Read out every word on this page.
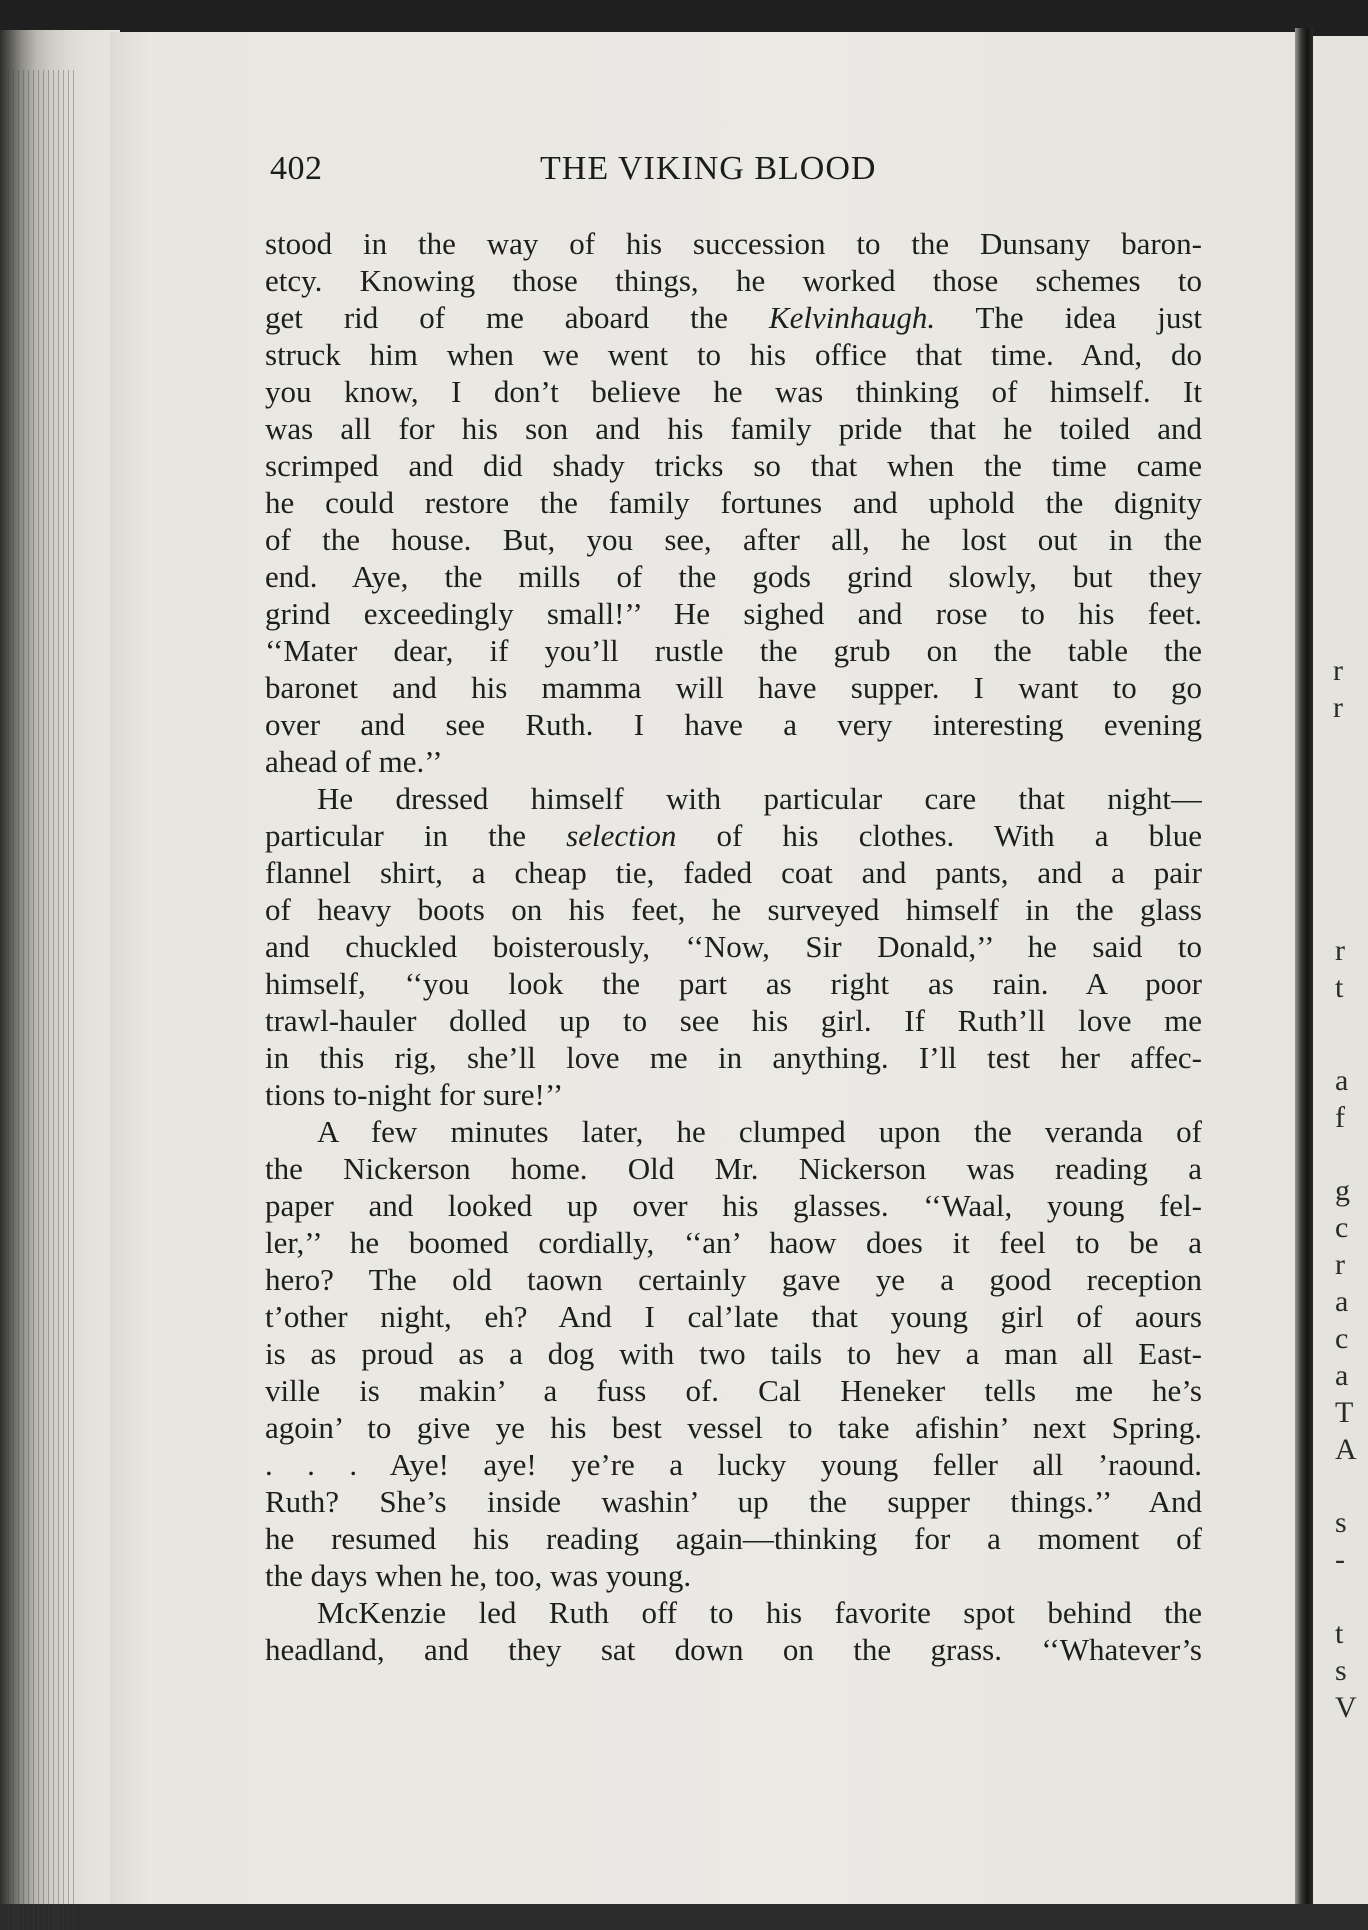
r
r
a
f
g
c
r
a
c
a
T
A
s
-
t
s
V
r
t
402	THE VIKING BLOOD
stood in the way of his succession to the Dunsany baron-
etcy. Knowing those things, he worked those schemes to
get rid of me aboard the Kelvinhaugh. The idea just
struck him when we went to his office that time. And, do
you know, I don’t believe he was thinking of himself. It
was all for his son and his family pride that he toiled and
scrimped and did shady tricks so that when the time came
he could restore the family fortunes and uphold the dignity
of the house. But, you see, after all, he lost out in the
end. Aye, the mills of the gods grind slowly, but they
grind exceedingly small!’’ He sighed and rose to his feet.
‘‘Mater dear, if you’ll rustle the grub on the table the
baronet and his mamma will have supper. I want to go
over and see Ruth. I have a very interesting evening
ahead of me.’’
He dressed himself with particular care that night—
particular in the selection of his clothes. With a blue
flannel shirt, a cheap tie, faded coat and pants, and a pair
of heavy boots on his feet, he surveyed himself in the glass
and chuckled boisterously, ‘‘Now, Sir Donald,’’ he said to
himself, ‘‘you look the part as right as rain. A poor
trawl-hauler dolled up to see his girl. If Ruth’ll love me
in this rig, she’ll love me in anything. I’ll test her affec-
tions to-night for sure!’’
A few minutes later, he clumped upon the veranda of
the Nickerson home. Old Mr. Nickerson was reading a
paper and looked up over his glasses. ‘‘Waal, young fel-
ler,’’ he boomed cordially, ‘‘an’ haow does it feel to be a
hero? The old taown certainly gave ye a good reception
t’other night, eh? And I cal’late that young girl of aours
is as proud as a dog with two tails to hev a man all East-
ville is makin’ a fuss of. Cal Heneker tells me he’s
agoin’ to give ye his best vessel to take afishin’ next Spring.
. . . Aye! aye! ye’re a lucky young feller all ’raound.
Ruth? She’s inside washin’ up the supper things.’’ And
he resumed his reading again—thinking for a moment of
the days when he, too, was young.
McKenzie led Ruth off to his favorite spot behind the
headland, and they sat down on the grass. ‘‘Whatever’s
